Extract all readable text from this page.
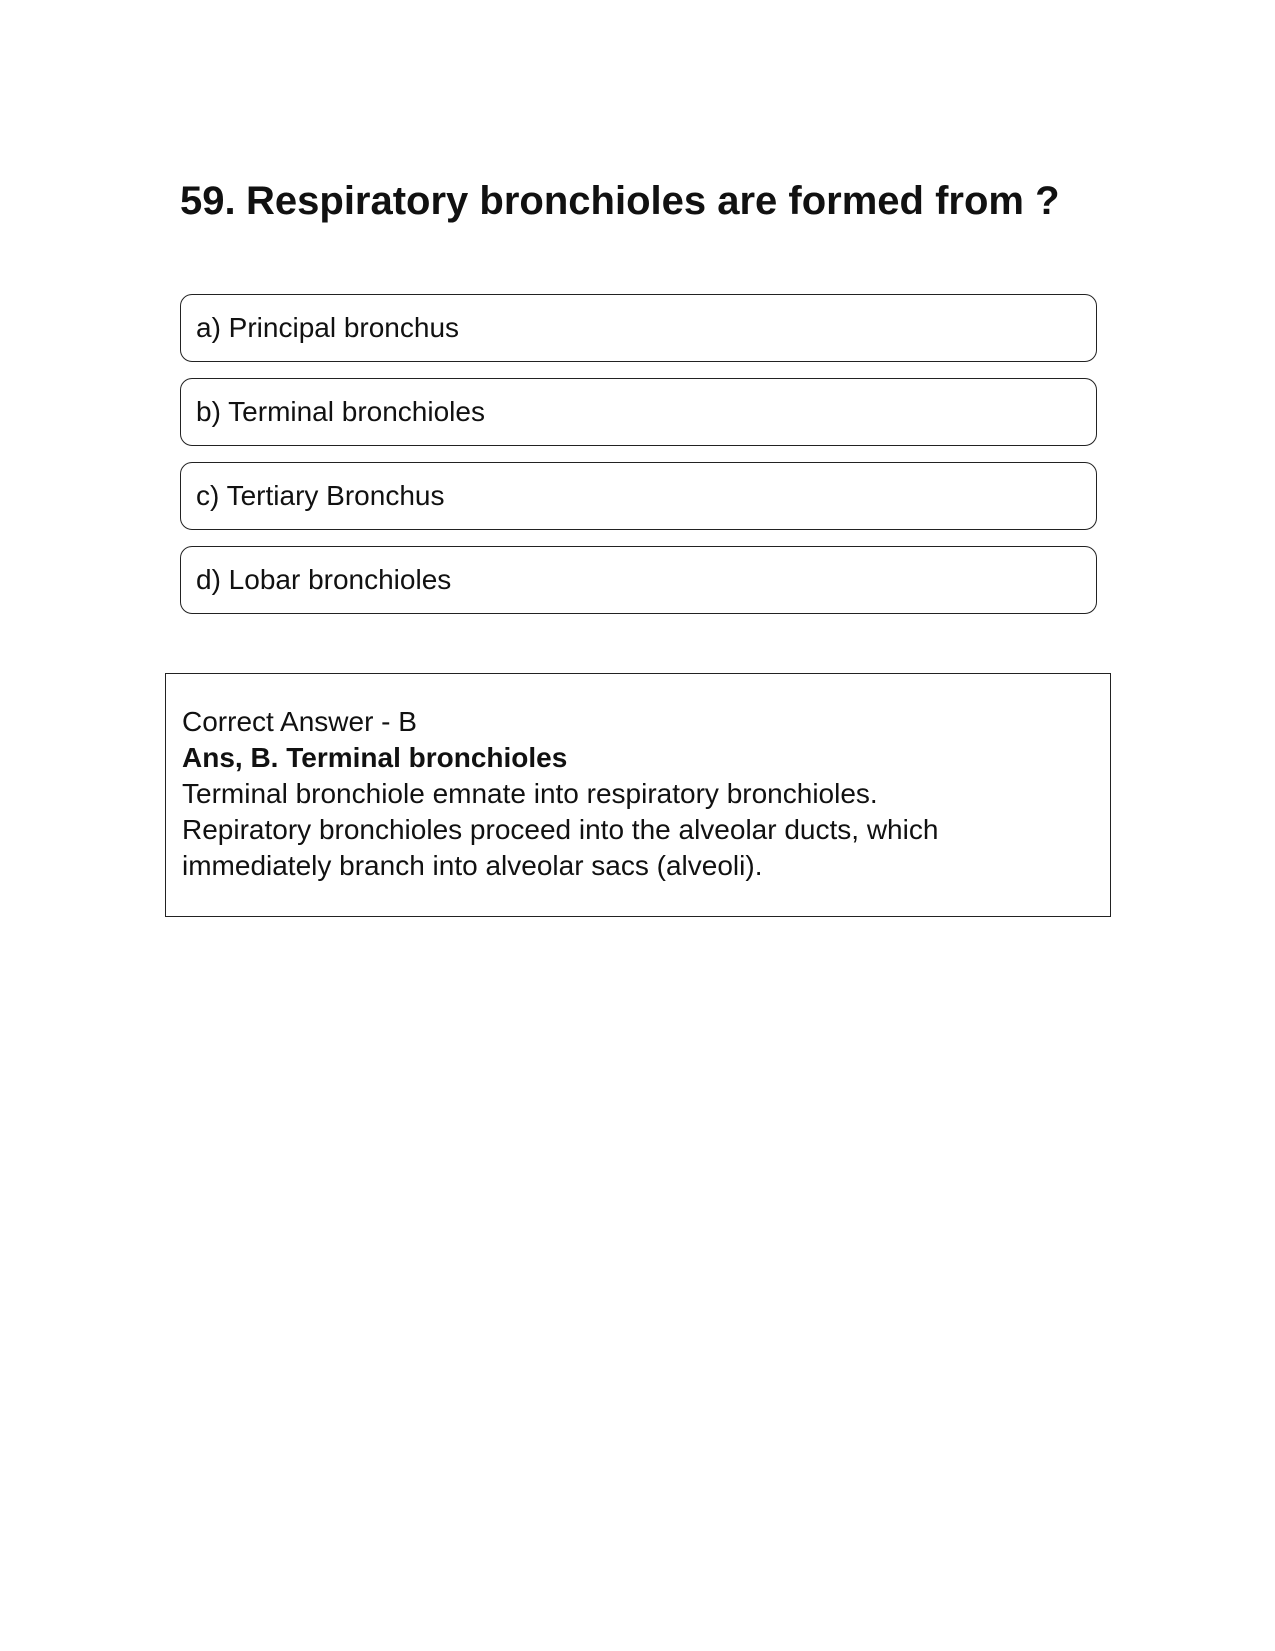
59. Respiratory bronchioles are formed from ?
a) Principal bronchus
b) Terminal bronchioles
c) Tertiary Bronchus
d) Lobar bronchioles
Correct Answer - B
Ans, B. Terminal bronchioles
Terminal bronchiole emnate into respiratory bronchioles.
Repiratory bronchioles proceed into the alveolar ducts, which
immediately branch into alveolar sacs (alveoli).
